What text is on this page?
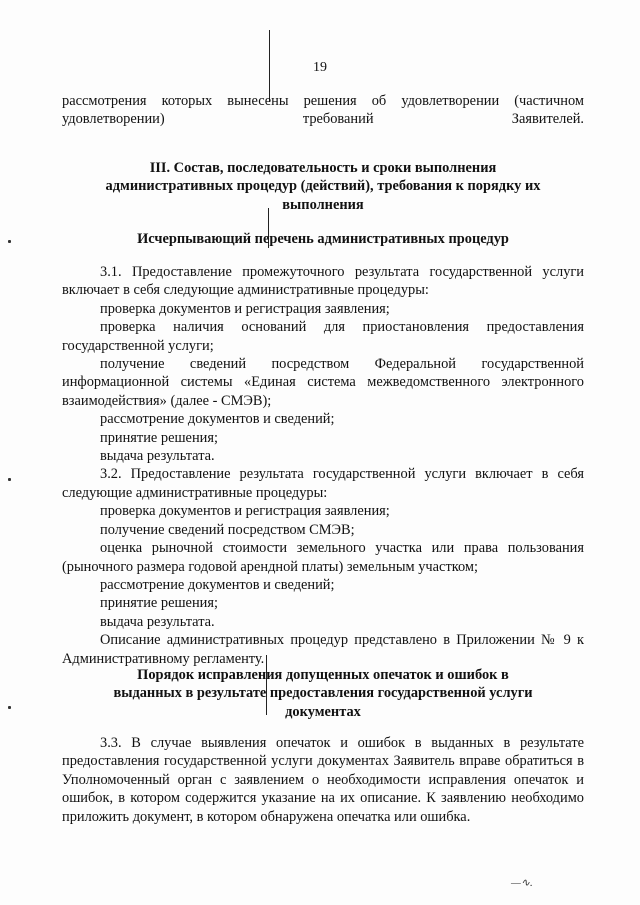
—∿.
19

рассмотрения которых вынесены решения об удовлетворении (частичном удовлетворении) требований Заявителей.

III. Состав, последовательность и сроки выполнения административных процедур (действий), требования к порядку их выполнения
Исчерпывающий перечень административных процедур

3.1. Предоставление промежуточного результата государственной услуги включает в себя следующие административные процедуры:

проверка документов и регистрация заявления;

проверка наличия оснований для приостановления предоставления государственной услуги;

получение сведений посредством Федеральной государственной информационной системы «Единая система межведомственного электронного взаимодействия» (далее - СМЭВ);

рассмотрение документов и сведений;

принятие решения;

выдача результата.

3.2. Предоставление результата государственной услуги включает в себя следующие административные процедуры:

проверка документов и регистрация заявления;

получение сведений посредством СМЭВ;

оценка рыночной стоимости земельного участка или права пользования (рыночного размера годовой арендной платы) земельным участком;

рассмотрение документов и сведений;

принятие решения;

выдача результата.

Описание административных процедур представлено в Приложении № 9 к Административному регламенту.

Порядок исправления допущенных опечаток и ошибок в выданных в результате предоставления государственной услуги документах

3.3. В случае выявления опечаток и ошибок в выданных в результате предоставления государственной услуги документах Заявитель вправе обратиться в Уполномоченный орган с заявлением о необходимости исправления опечаток и ошибок, в котором содержится указание на их описание. К заявлению необходимо приложить документ, в котором обнаружена опечатка или ошибка.
